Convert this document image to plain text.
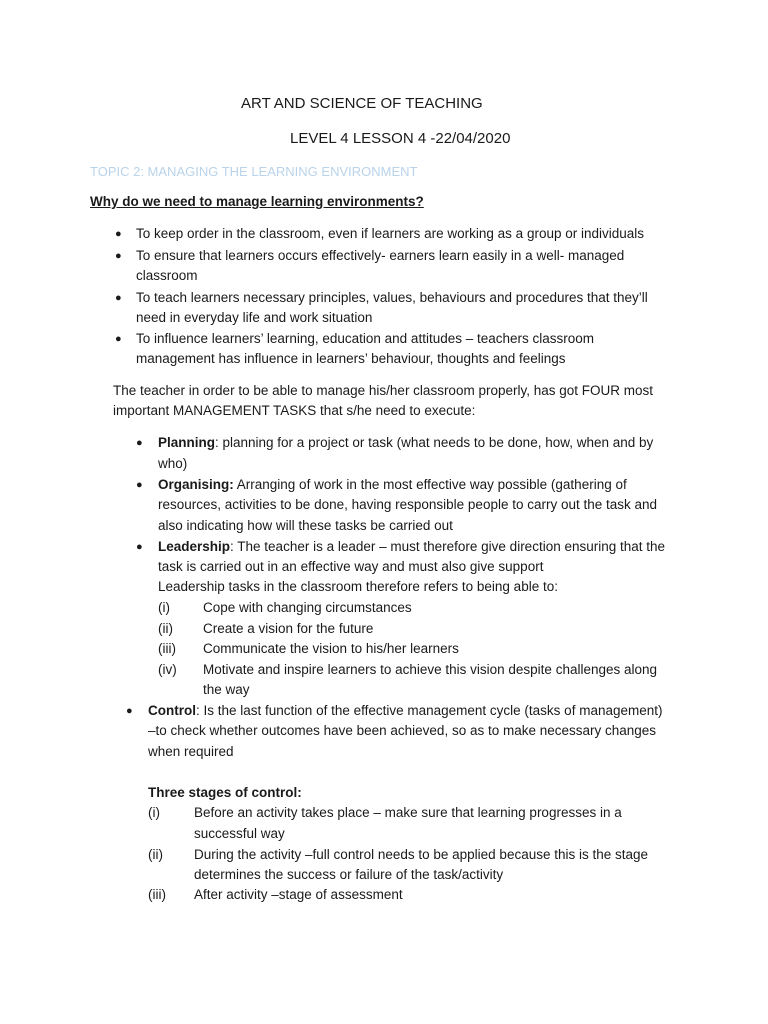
ART AND SCIENCE OF TEACHING
LEVEL 4 LESSON 4 -22/04/2020
TOPIC 2: MANAGING THE LEARNING ENVIRONMENT
Why do we need to manage learning environments?
● To keep order in the classroom, even if learners are working as a group or individuals
● To ensure that learners occurs effectively- earners learn easily in a well- managed
classroom
● To teach learners necessary principles, values, behaviours and procedures that they’ll
need in everyday life and work situation
● To influence learners’ learning, education and attitudes – teachers classroom
management has influence in learners’ behaviour, thoughts and feelings
The teacher in order to be able to manage his/her classroom properly, has got FOUR most
important MANAGEMENT TASKS that s/he need to execute:
● Planning: planning for a project or task (what needs to be done, how, when and by
who)
● Organising: Arranging of work in the most effective way possible (gathering of
resources, activities to be done, having responsible people to carry out the task and
also indicating how will these tasks be carried out
● Leadership: The teacher is a leader – must therefore give direction ensuring that the
task is carried out in an effective way and must also give support
Leadership tasks in the classroom therefore refers to being able to:
(i) Cope with changing circumstances
(ii) Create a vision for the future
(iii) Communicate the vision to his/her learners
(iv) Motivate and inspire learners to achieve this vision despite challenges along
the way
● Control: Is the last function of the effective management cycle (tasks of management)
–to check whether outcomes have been achieved, so as to make necessary changes
when required
Three stages of control:
(i)	Before an activity takes place – make sure that learning progresses in a
successful way
(ii) During the activity –full control needs to be applied because this is the stage
determines the success or failure of the task/activity
(iii) After activity –stage of assessment
